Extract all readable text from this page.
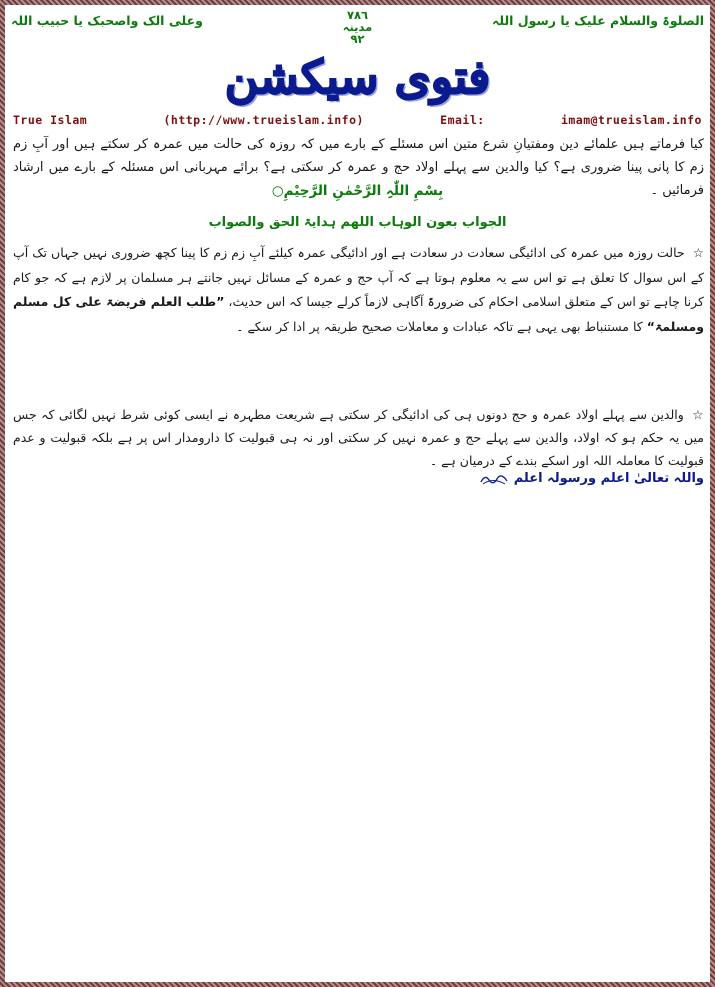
الصلوۃ والسلام علیک یا رسول اللہ
٧٨٦
مدینہ
٩٢
وعلی الک واصحبک یا حبیب اللہ
فتوی سیکشن
True Islam	(http://www.trueislam.info)	Email:	imam@trueislam.info
کیا فرماتے ہیں علمائے دین ومفتیانِ شرع متین اس مسئلے کے بارے میں کہ روزہ کی حالت میں عمرہ کر سکتے ہیں اور آبِ زم زم کا پانی پینا ضروری ہے؟ کیا والدین سے پہلے اولاد حج و عمرہ کر سکتی ہے؟ برائے مہربانی اس مسئلہ کے بارے میں ارشاد فرمائیں ۔
بِسْمِ اللّٰہِ الرَّحْمٰنِ الرَّحِیْمِ○
الجواب بعون الوہاب اللھم ہدایۃ الحق والصواب
☆ حالت روزہ میں عمرہ کی ادائیگی سعادت در سعادت ہے اور ادائیگی عمرہ کیلئے آبِ زم زم کا پینا کچھ ضروری نہیں جہاں تک آپ کے اس سوال کا تعلق ہے تو اس سے یہ معلوم ہوتا ہے کہ آپ حج و عمرہ کے مسائل نہیں جانتے ہر مسلمان پر لازم ہے کہ جو کام کرنا چاہے تو اس کے متعلق اسلامی احکام کی ضرورۃً آگاہی لازماً کرلے جیسا کہ اس حدیث، ”طلب العلم فریضۃ علی کل مسلم ومسلمۃ“ کا مستنباط بھی یہی ہے تاکہ عبادات و معاملات صحیح طریقہ پر ادا کر سکے ۔
☆ والدین سے پہلے اولاد عمرہ و حج دونوں ہی کی ادائیگی کر سکتی ہے شریعت مطہرہ نے ایسی کوئی شرط نہیں لگائی کہ جس میں یہ حکم ہو کہ اولاد، والدین سے پہلے حج و عمرہ نہیں کر سکتی اور نہ ہی قبولیت کا دارومدار اس پر ہے بلکہ قبولیت و عدم قبولیت کا معاملہ اللہ اور اسکے بندے کے درمیان ہے ۔
واللہ تعالیٰ اعلم ورسولہ اعلم
